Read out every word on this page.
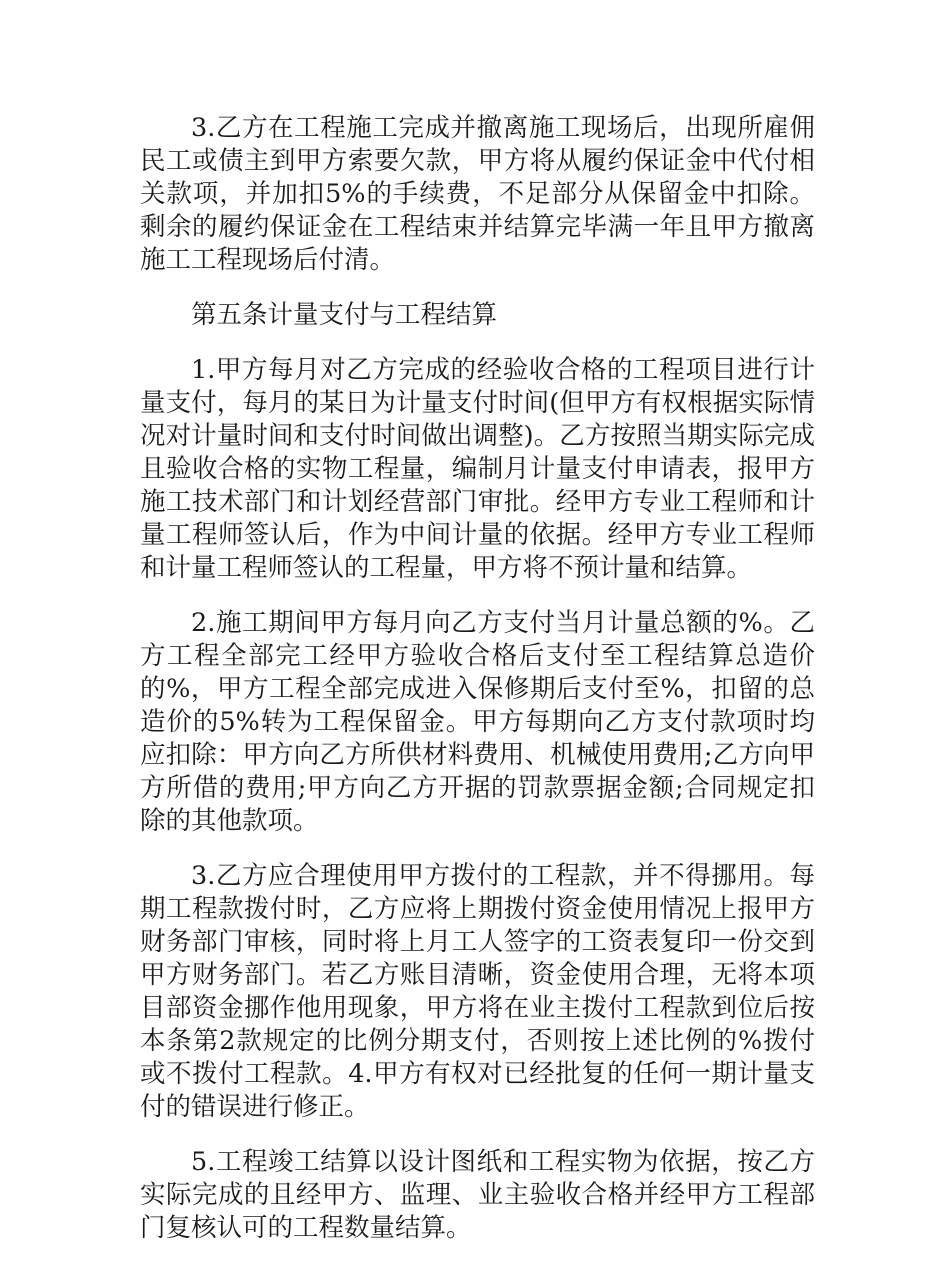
3.乙方在工程施工完成并撤离施工现场后，出现所雇佣民工或债主到甲方索要欠款，甲方将从履约保证金中代付相关款项，并加扣5%的手续费，不足部分从保留金中扣除。剩余的履约保证金在工程结束并结算完毕满一年且甲方撤离施工工程现场后付清。

第五条计量支付与工程结算

1.甲方每月对乙方完成的经验收合格的工程项目进行计量支付，每月的某日为计量支付时间(但甲方有权根据实际情况对计量时间和支付时间做出调整)。乙方按照当期实际完成且验收合格的实物工程量，编制月计量支付申请表，报甲方施工技术部门和计划经营部门审批。经甲方专业工程师和计量工程师签认后，作为中间计量的依据。经甲方专业工程师和计量工程师签认的工程量，甲方将不预计量和结算。

2.施工期间甲方每月向乙方支付当月计量总额的%。乙方工程全部完工经甲方验收合格后支付至工程结算总造价的%，甲方工程全部完成进入保修期后支付至%，扣留的总造价的5%转为工程保留金。甲方每期向乙方支付款项时均应扣除：甲方向乙方所供材料费用、机械使用费用;乙方向甲方所借的费用;甲方向乙方开据的罚款票据金额;合同规定扣除的其他款项。

3.乙方应合理使用甲方拨付的工程款，并不得挪用。每期工程款拨付时，乙方应将上期拨付资金使用情况上报甲方财务部门审核，同时将上月工人签字的工资表复印一份交到甲方财务部门。若乙方账目清晰，资金使用合理，无将本项目部资金挪作他用现象，甲方将在业主拨付工程款到位后按本条第2款规定的比例分期支付，否则按上述比例的%拨付或不拨付工程款。4.甲方有权对已经批复的任何一期计量支付的错误进行修正。

5.工程竣工结算以设计图纸和工程实物为依据，按乙方实际完成的且经甲方、监理、业主验收合格并经甲方工程部门复核认可的工程数量结算。
